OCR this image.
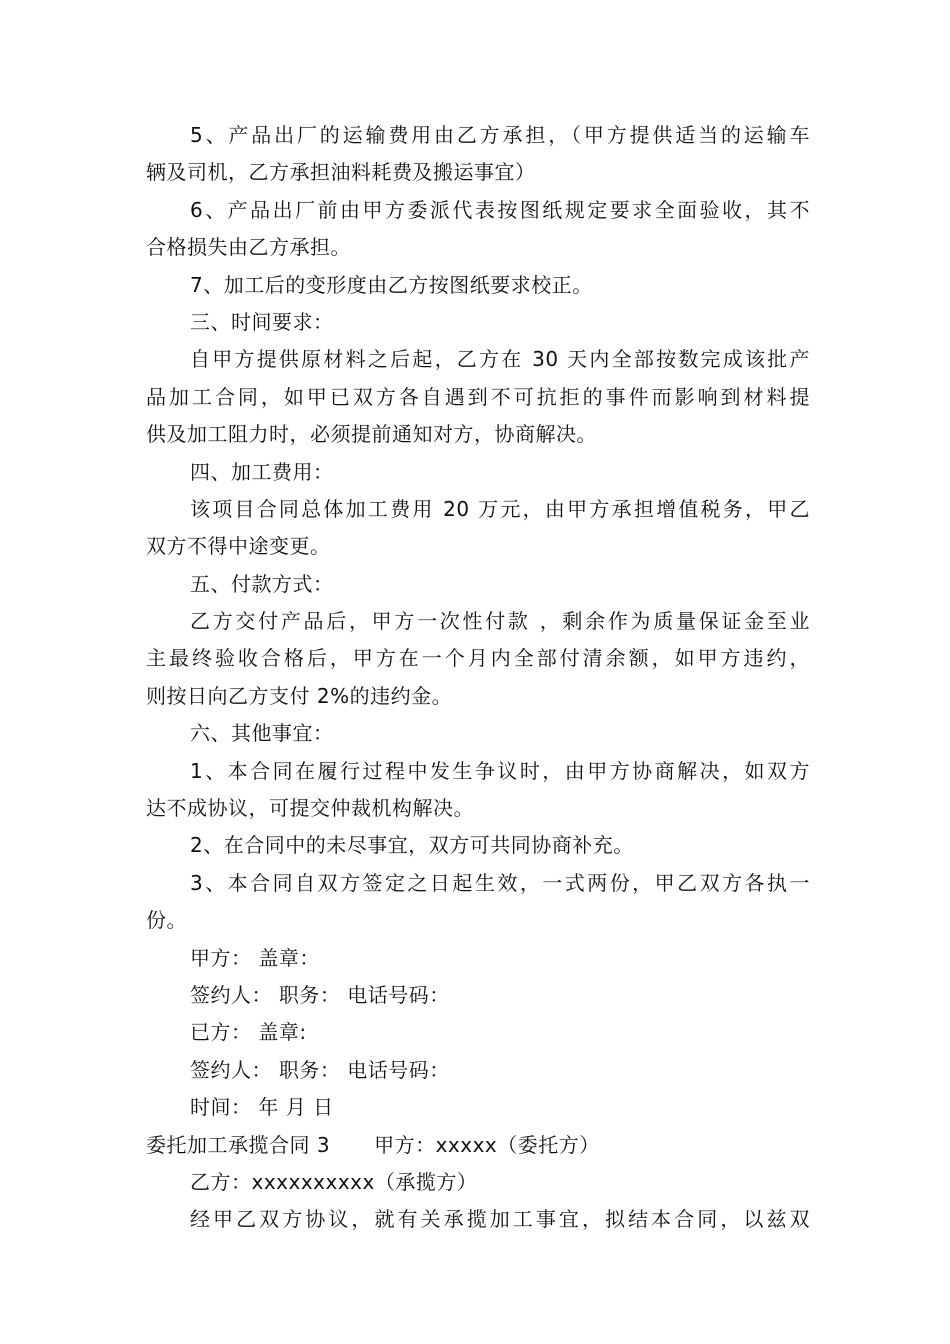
5、产品出厂的运输费用由乙方承担，（甲方提供适当的运输车
辆及司机，乙方承担油料耗费及搬运事宜）
6、产品出厂前由甲方委派代表按图纸规定要求全面验收，其不
合格损失由乙方承担。
7、加工后的变形度由乙方按图纸要求校正。
三、时间要求：
自甲方提供原材料之后起，乙方在 30 天内全部按数完成该批产
品加工合同，如甲已双方各自遇到不可抗拒的事件而影响到材料提
供及加工阻力时，必须提前通知对方，协商解决。
四、加工费用：
该项目合同总体加工费用 20 万元，由甲方承担增值税务，甲乙
双方不得中途变更。
五、付款方式：
乙方交付产品后，甲方一次性付款 ，剩余作为质量保证金至业
主最终验收合格后，甲方在一个月内全部付清余额，如甲方违约，
则按日向乙方支付 2%的违约金。
六、其他事宜：
1、本合同在履行过程中发生争议时，由甲方协商解决，如双方
达不成协议，可提交仲裁机构解决。
2、在合同中的未尽事宜，双方可共同协商补充。
3、本合同自双方签定之日起生效，一式两份，甲乙双方各执一
份。
甲方： 盖章：
签约人： 职务： 电话号码：
已方： 盖章:
签约人： 职务： 电话号码：
时间： 年 月 日
委托加工承揽合同 3 甲方：xxxxx（委托方）
乙方：xxxxxxxxxx（承揽方）
经甲乙双方协议，就有关承揽加工事宜，拟结本合同，以兹双
